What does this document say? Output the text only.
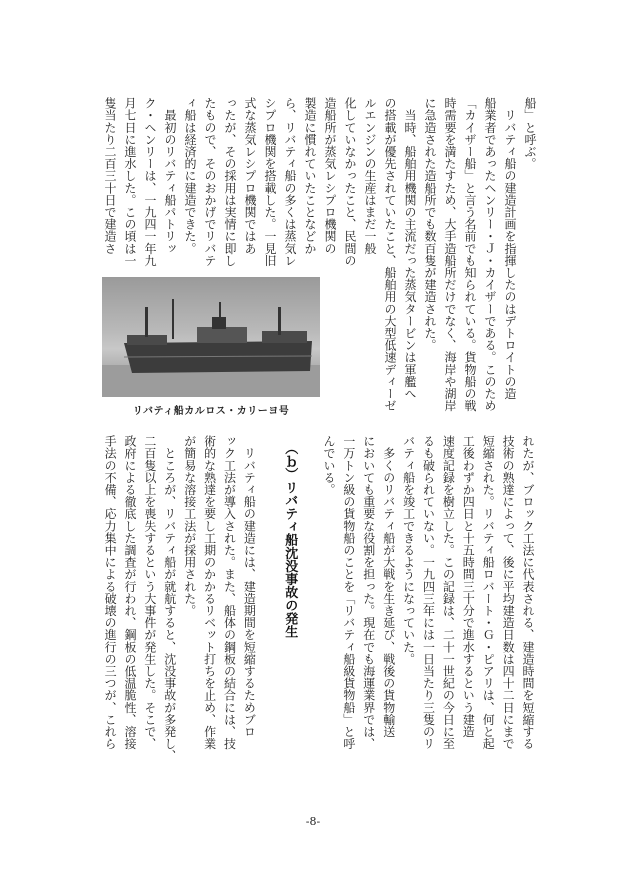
船」と呼ぶ。
　リバティ船の建造計画を指揮したのはデトロイトの造
船業者であったヘンリー・Ｊ・カイザーである。このため
「カイザー船」と言う名前でも知られている。貨物船の戦
時需要を満たすため、大手造船所だけでなく、海岸や湖岸
に急造された造船所でも数百隻が建造された。
　当時、船舶用機関の主流だった蒸気タービンは軍艦へ
の搭載が優先されていたこと、船舶用の大型低速ディーゼ
ルエンジンの生産はまだ一般
化していなかったこと、民間の
造船所が蒸気レシプロ機関の
製造に慣れていたことなどか
ら、リバティ船の多くは蒸気レ
シプロ機関を搭載した。一見旧
式な蒸気レシプロ機関ではあ
ったが、その採用は実情に即し
たもので、そのおかげでリバテ
ィ船は経済的に建造できた。
　最初のリバティ船パトリッ
ク・ヘンリーは、一九四一年九
月七日に進水した。この頃は一
隻当たり二百三十日で建造さ
リバティ船カルロス・カリーヨ号
れたが、ブロック工法に代表される、建造時間を短縮する
技術の熟達によって、後に平均建造日数は四十二日にまで
短縮された。リバティ船ロバート・Ｇ・ピアリは、何と起
工後わずか四日と十五時間三十分で進水するという建造
速度記録を樹立した。この記録は、二十一世紀の今日に至
るも破られていない。一九四三年には一日当たり三隻のリ
バティ船を竣工できるようになっていた。
　多くのリバティ船が大戦を生き延び、戦後の貨物輸送
においても重要な役割を担った。現在でも海運業界では、
一万トン級の貨物船のことを「リバティ船級貨物船」と呼
んでいる。
　（ｂ）リバティ船沈没事故の発生
　リバティ船の建造には、建造期間を短縮するためブロ
ック工法が導入された。また、船体の鋼板の結合には、技
術的な熟達を要し工期のかかるリベット打ちを止め、作業
が簡易な溶接工法が採用された。
　ところが、リバティ船が就航すると、沈没事故が多発し、
二百隻以上を喪失するという大事件が発生した。そこで、
政府による徹底した調査が行われ、鋼板の低温脆性、溶接
手法の不備、応力集中による破壊の進行の三つが、これら
-8-
